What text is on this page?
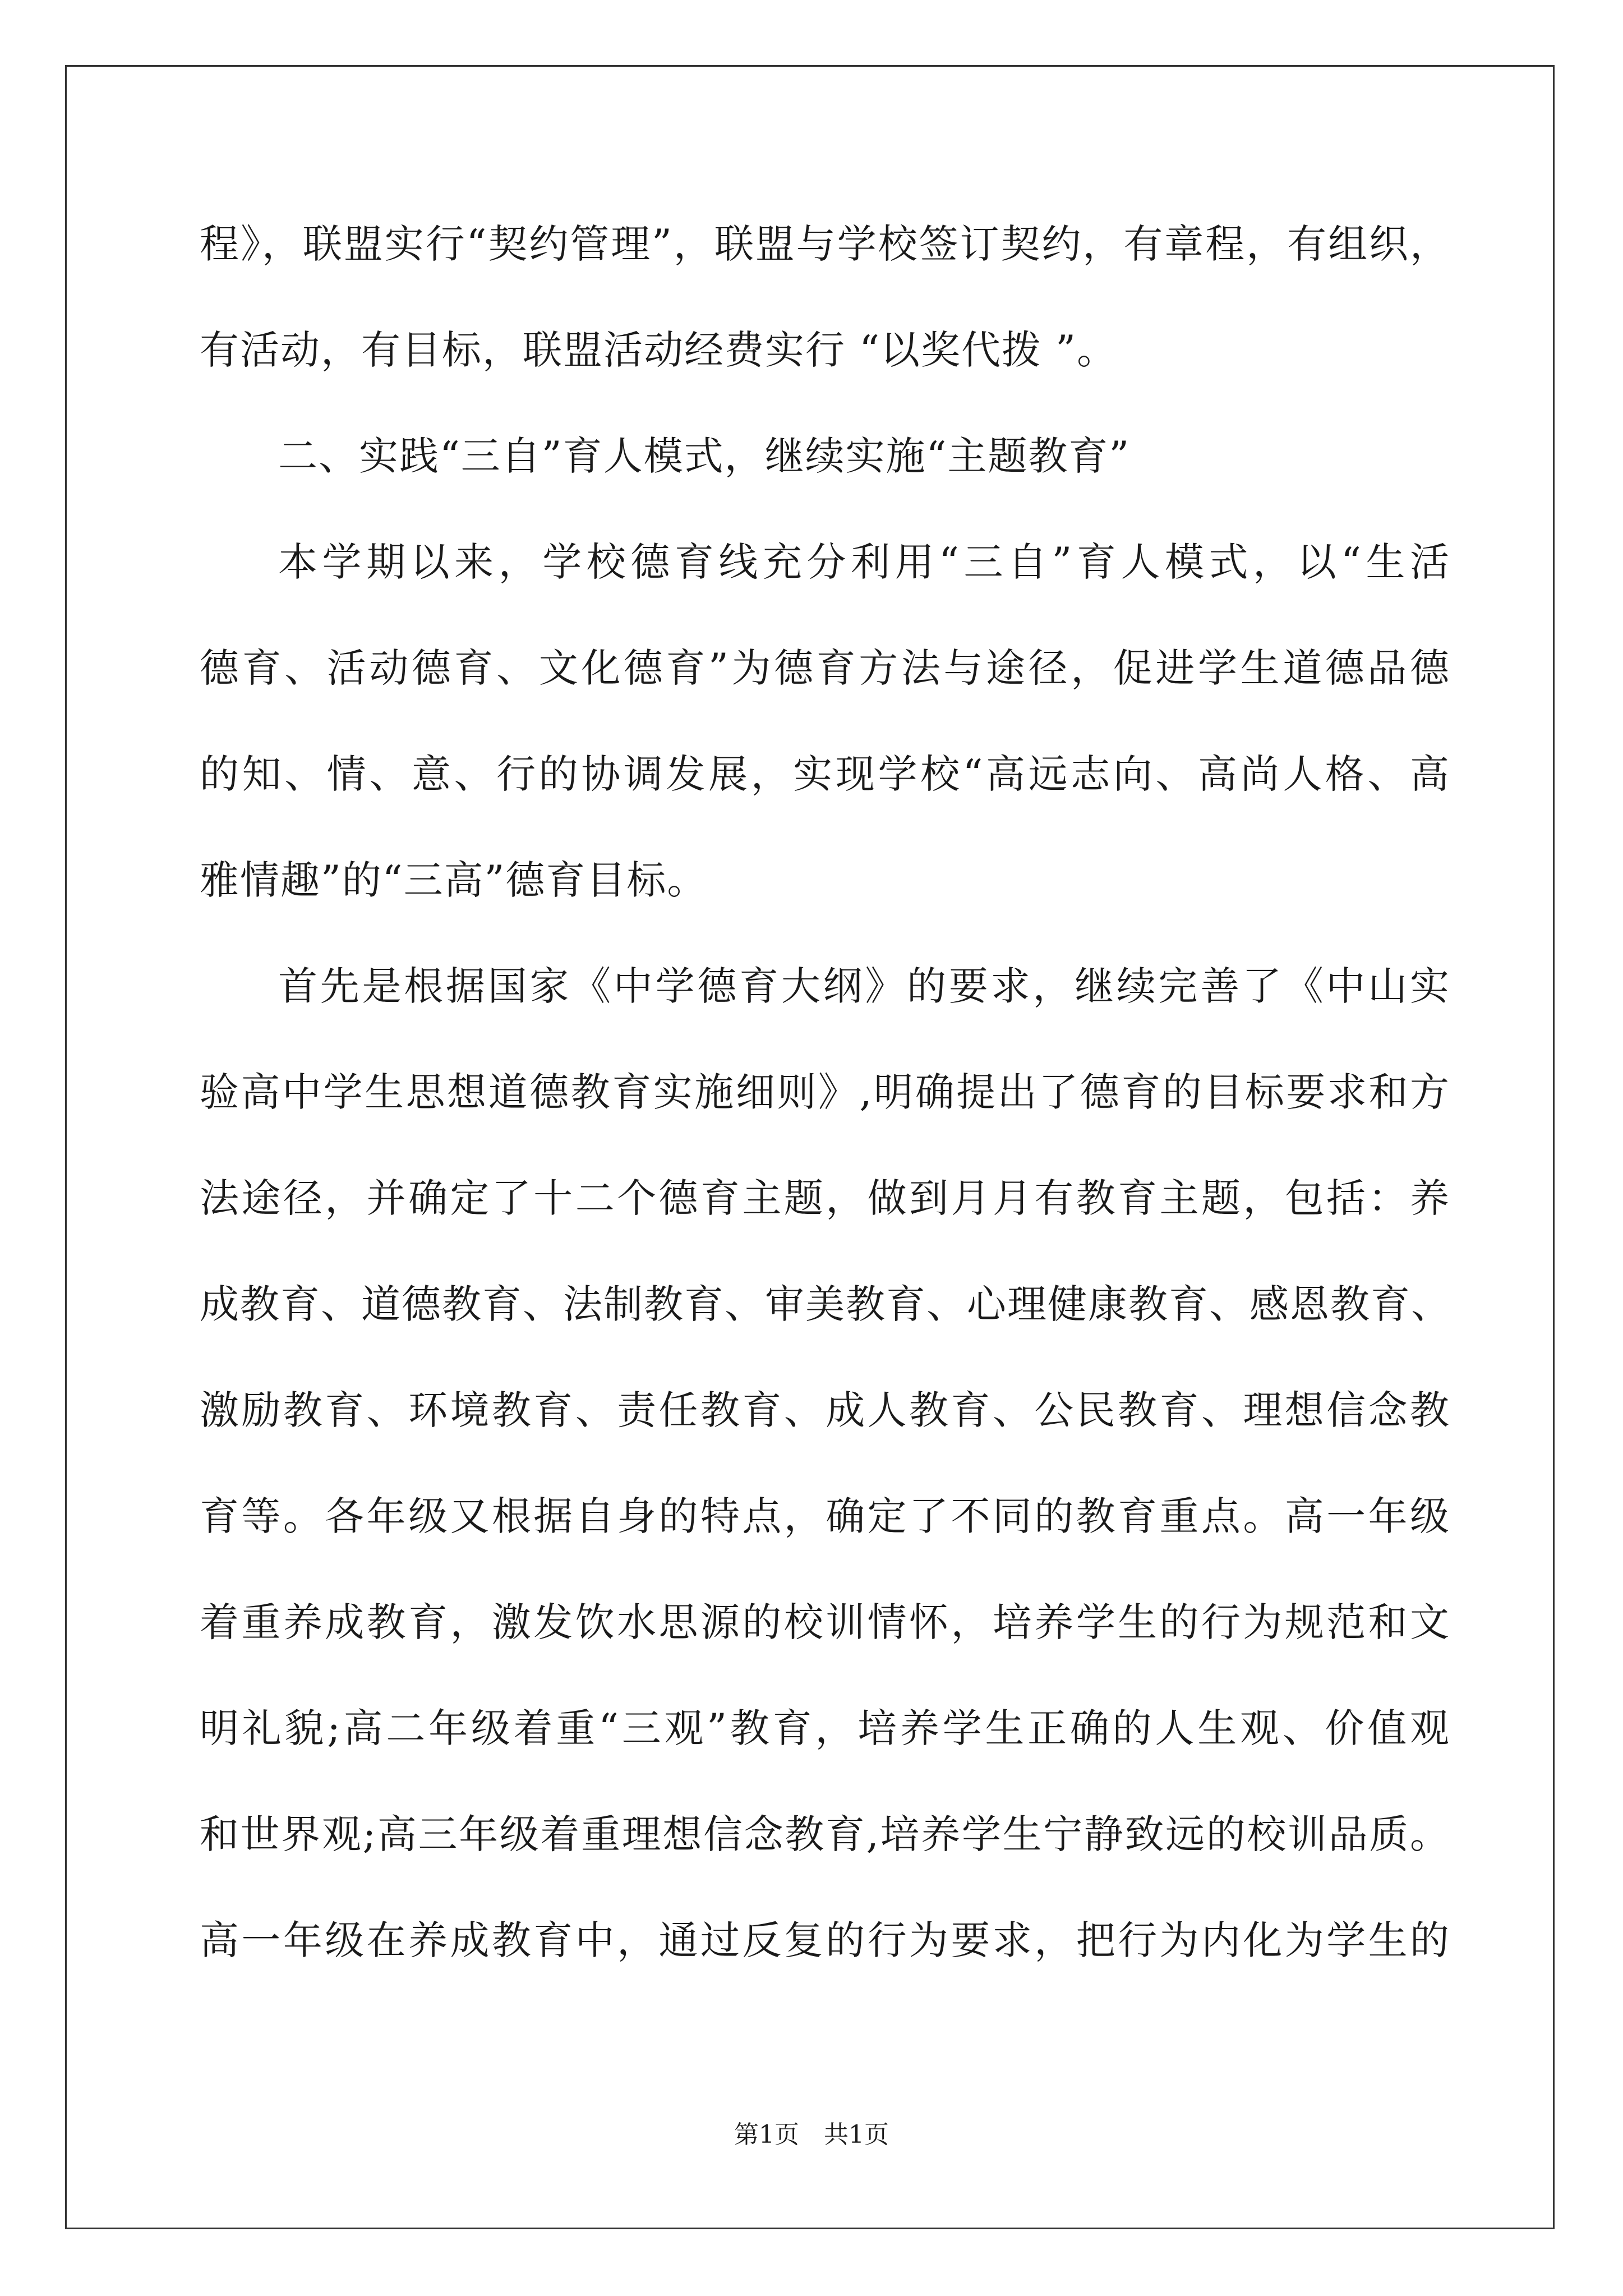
程》，联盟实行“契约管理”，联盟与学校签订契约，有章程，有组织，
有活动，有目标，联盟活动经费实行 “以奖代拨 ”。
二、实践“三自”育人模式，继续实施“主题教育”
本学期以来，学校德育线充分利用“三自”育人模式，以“生活
德育、活动德育、文化德育”为德育方法与途径，促进学生道德品德
的知、情、意、行的协调发展，实现学校“高远志向、高尚人格、高
雅情趣”的“三高”德育目标。
首先是根据国家《中学德育大纲》的要求，继续完善了《中山实
验高中学生思想道德教育实施细则》,明确提出了德育的目标要求和方
法途径，并确定了十二个德育主题，做到月月有教育主题，包括：养
成教育、道德教育、法制教育、审美教育、心理健康教育、感恩教育、
激励教育、环境教育、责任教育、成人教育、公民教育、理想信念教
育等。各年级又根据自身的特点，确定了不同的教育重点。高一年级
着重养成教育，激发饮水思源的校训情怀，培养学生的行为规范和文
明礼貌;高二年级着重“三观”教育，培养学生正确的人生观、价值观
和世界观;高三年级着重理想信念教育,培养学生宁静致远的校训品质。
高一年级在养成教育中，通过反复的行为要求，把行为内化为学生的
第1页 共1页
